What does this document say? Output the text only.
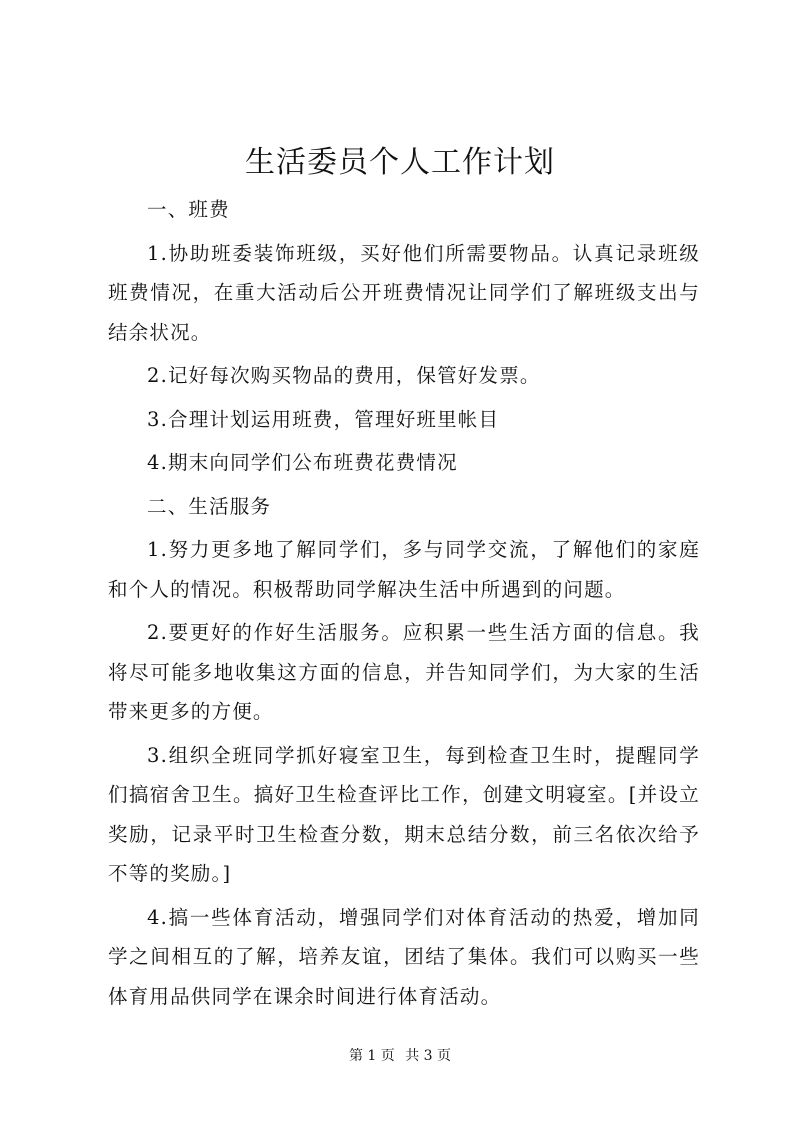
生活委员个人工作计划

一、班费

1.协助班委装饰班级，买好他们所需要物品。认真记录班级班费情况，在重大活动后公开班费情况让同学们了解班级支出与结余状况。

2.记好每次购买物品的费用，保管好发票。

3.合理计划运用班费，管理好班里帐目

4.期末向同学们公布班费花费情况

二、生活服务

1.努力更多地了解同学们，多与同学交流，了解他们的家庭和个人的情况。积极帮助同学解决生活中所遇到的问题。

2.要更好的作好生活服务。应积累一些生活方面的信息。我将尽可能多地收集这方面的信息，并告知同学们，为大家的生活带来更多的方便。

3.组织全班同学抓好寝室卫生，每到检查卫生时，提醒同学们搞宿舍卫生。搞好卫生检查评比工作，创建文明寝室。[并设立奖励，记录平时卫生检查分数，期末总结分数，前三名依次给予不等的奖励。]

4.搞一些体育活动，增强同学们对体育活动的热爱，增加同学之间相互的了解，培养友谊，团结了集体。我们可以购买一些体育用品供同学在课余时间进行体育活动。

第 1 页 共 3 页
